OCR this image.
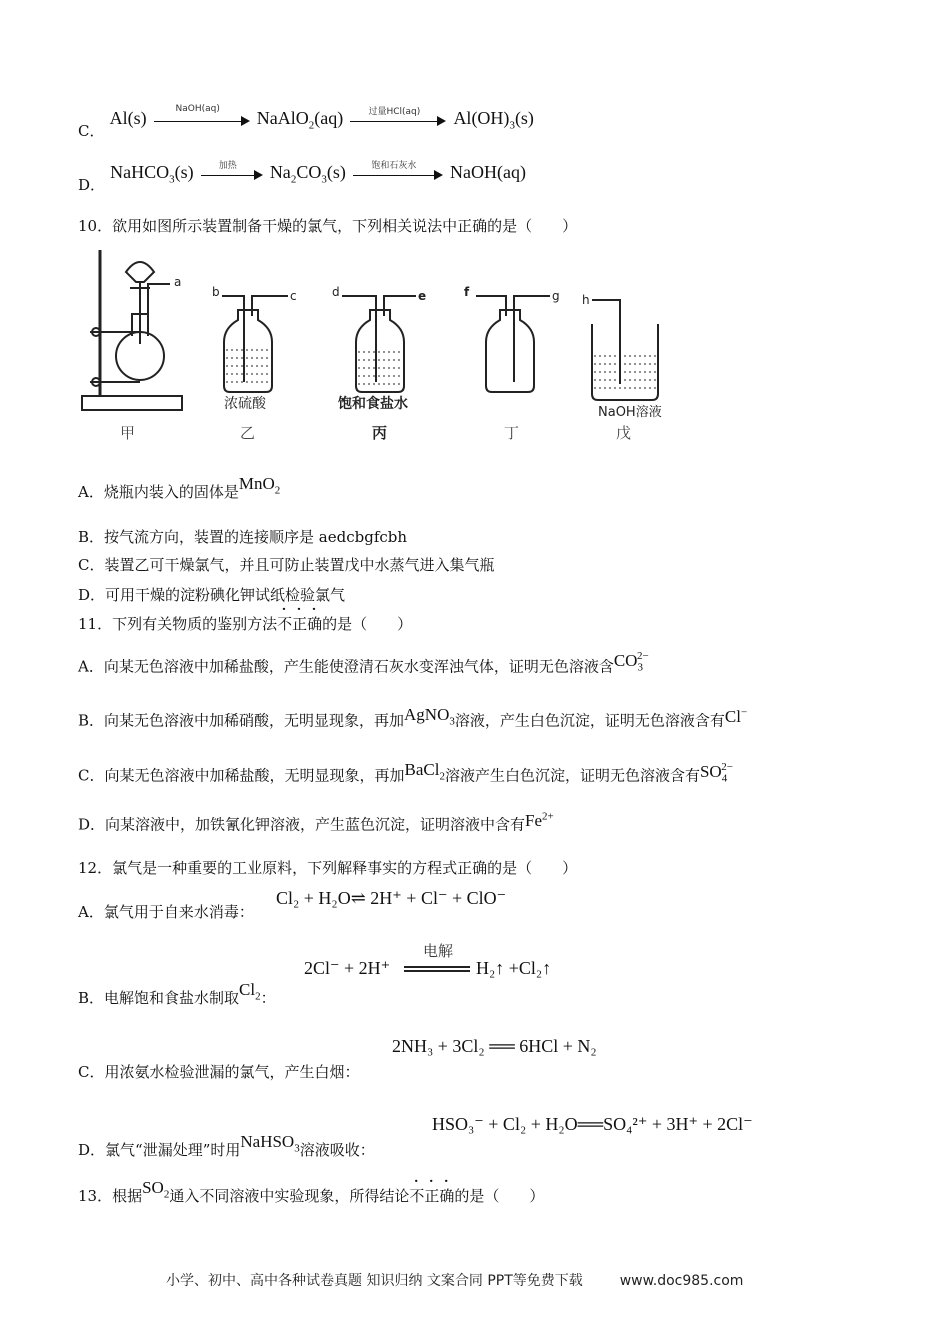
C． Al(s)	NaOH(aq)	NaAlO$_2$(aq)	过量HCl(aq)	$Al(OH)_3(s)$
D． NaHCO$_3$(s)	加热	$Na_2CO_3(s)$	饱和石灰水	NaOH(aq)
10．欲用如图所示装置制备干燥的氯气，下列相关说法中正确的是（　　）
a
b	c	d	e	f	g h
浓硫酸	饱和食盐水
NaOH溶液
甲	乙	丙	丁	戊
A．烧瓶内装入的固体是MnO$_2$
B．按气流方向，装置的连接顺序是 aedcbgfcbh
C．装置乙可干燥氯气，并且可防止装置戊中水蒸气进入集气瓶
D．可用干燥的淀粉碘化钾试纸检验氯气
11．下列有关物质的鉴别方法不正确的是（　　）
A．向某无色溶液中加稀盐酸，产生能使澄清石灰水变浑浊气体，证明无色溶液含$CO_3^{2-}$
B．向某无色溶液中加稀硝酸，无明显现象，再加AgNO$_3$溶液，产生白色沉淀，证明无色溶液含有Cl−
C．向某无色溶液中加稀盐酸，无明显现象，再加BaCl$_2$溶液产生白色沉淀，证明无色溶液含有$SO_4^{2-}$
D．向某溶液中，加铁氰化钾溶液，产生蓝色沉淀，证明溶液中含有$Fe^{2+}$
12．氯气是一种重要的工业原料，下列解释事实的方程式正确的是（　　）
A．氯气用于自来水消毒：
Cl₂ + H₂O⇌ 2H⁺ + Cl⁻ + ClO⁻
2Cl⁻ + 2H⁺
电解
H₂↑ +Cl₂↑
B．电解饱和食盐水制取$Cl_2$：
2NH₃ + 3Cl₂ ══ 6HCl + N₂
C．用浓氨水检验泄漏的氯气，产生白烟：
HSO₃⁻ + Cl₂ + H₂O══SO₄²⁺ + 3H⁺ + 2Cl⁻
D．氯气“泄漏处理”时用NaHSO$_3$溶液吸收：
13．根据$SO_2$通入不同溶液中实验现象，所得结论不正确的是（　　）
小学、初中、高中各种试卷真题 知识归纳 文案合同 PPT等免费下载	www.doc985.com
